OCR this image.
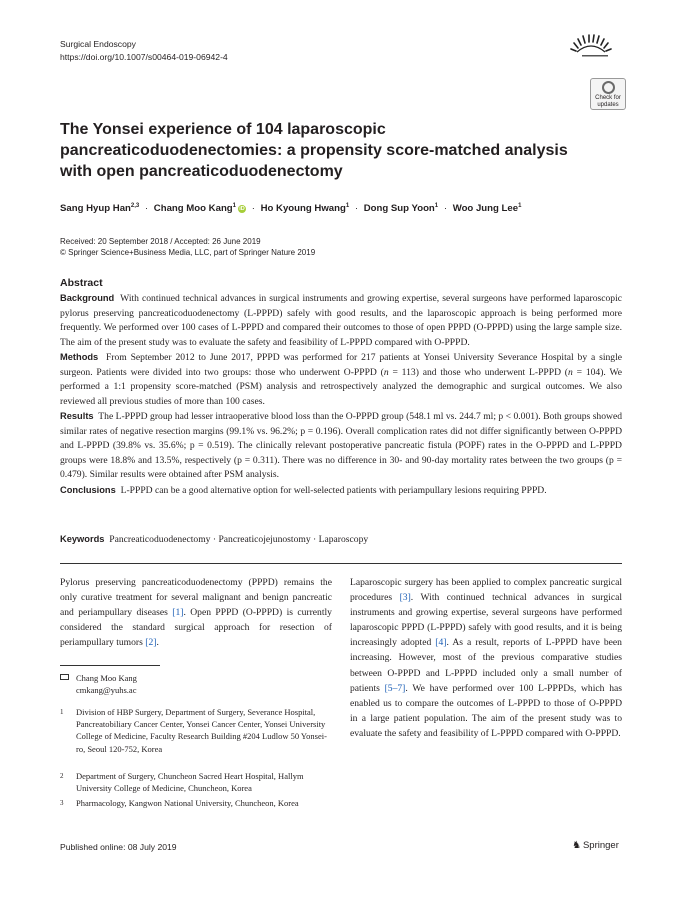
Surgical Endoscopy
https://doi.org/10.1007/s00464-019-06942-4
Check for
updates
The Yonsei experience of 104 laparoscopic pancreaticoduodenectomies: a propensity score-matched analysis with open pancreaticoduodenectomy
Sang Hyup Han$^{2,3}$ · Chang Moo Kang$^1$iD · Ho Kyoung Hwang$^1$ · Dong Sup Yoon$^1$ · Woo Jung Lee$^1$
Received: 20 September 2018 / Accepted: 26 June 2019
© Springer Science+Business Media, LLC, part of Springer Nature 2019
Abstract

Background With continued technical advances in surgical instruments and growing expertise, several surgeons have performed laparoscopic pylorus preserving pancreaticoduodenectomy (L-PPPD) safely with good results, and the laparoscopic approach is being performed more frequently. We performed over 100 cases of L-PPPD and compared their outcomes to those of open PPPD (O-PPPD) using the large sample size. The aim of the present study was to evaluate the safety and feasibility of L-PPPD compared with O-PPPD.

Methods From September 2012 to June 2017, PPPD was performed for 217 patients at Yonsei University Severance Hospital by a single surgeon. Patients were divided into two groups: those who underwent O-PPPD (n = 113) and those who underwent L-PPPD (n = 104). We performed a 1:1 propensity score-matched (PSM) analysis and retrospectively analyzed the demographic and surgical outcomes. We also reviewed all previous studies of more than 100 cases.

Results The L-PPPD group had lesser intraoperative blood loss than the O-PPPD group (548.1 ml vs. 244.7 ml; p < 0.001). Both groups showed similar rates of negative resection margins (99.1% vs. 96.2%; p = 0.196). Overall complication rates did not differ significantly between O-PPPD and L-PPPD (39.8% vs. 35.6%; p = 0.519). The clinically relevant postoperative pancreatic fistula (POPF) rates in the O-PPPD and L-PPPD groups were 18.8% and 13.5%, respectively (p = 0.311). There was no difference in 30- and 90-day mortality rates between the two groups (p = 0.479). Similar results were obtained after PSM analysis.

Conclusions L-PPPD can be a good alternative option for well-selected patients with periampullary lesions requiring PPPD.

Keywords Pancreaticoduodenectomy · Pancreaticojejunostomy · Laparoscopy

Pylorus preserving pancreaticoduodenectomy (PPPD) remains the only curative treatment for several malignant and benign pancreatic and periampullary diseases [1]. Open PPPD (O-PPPD) is currently considered the standard surgical approach for resection of periampullary tumors [2].

Chang Moo Kang
cmkang@yuhs.ac
1 Division of HBP Surgery, Department of Surgery, Severance Hospital, Pancreatobiliary Cancer Center, Yonsei Cancer Center, Yonsei University College of Medicine, Faculty Research Building #204 Ludlow 50 Yonsei-ro, Seoul 120-752, Korea
2 Department of Surgery, Chuncheon Sacred Heart Hospital, Hallym University College of Medicine, Chuncheon, Korea
3 Pharmacology, Kangwon National University, Chuncheon, Korea

Laparoscopic surgery has been applied to complex pancreatic surgical procedures [3]. With continued technical advances in surgical instruments and growing expertise, several surgeons have performed laparoscopic PPPD (L-PPPD) safely with good results, and it is being increasingly adopted [4]. As a result, reports of L-PPPD have been increasing. However, most of the previous comparative studies between O-PPPD and L-PPPD included only a small number of patients [5–7]. We have performed over 100 L-PPPDs, which has enabled us to compare the outcomes of L-PPPD to those of O-PPPD in a large patient population. The aim of the present study was to evaluate the safety and feasibility of L-PPPD compared with O-PPPD.

Published online: 08 July 2019	♞ Springer
